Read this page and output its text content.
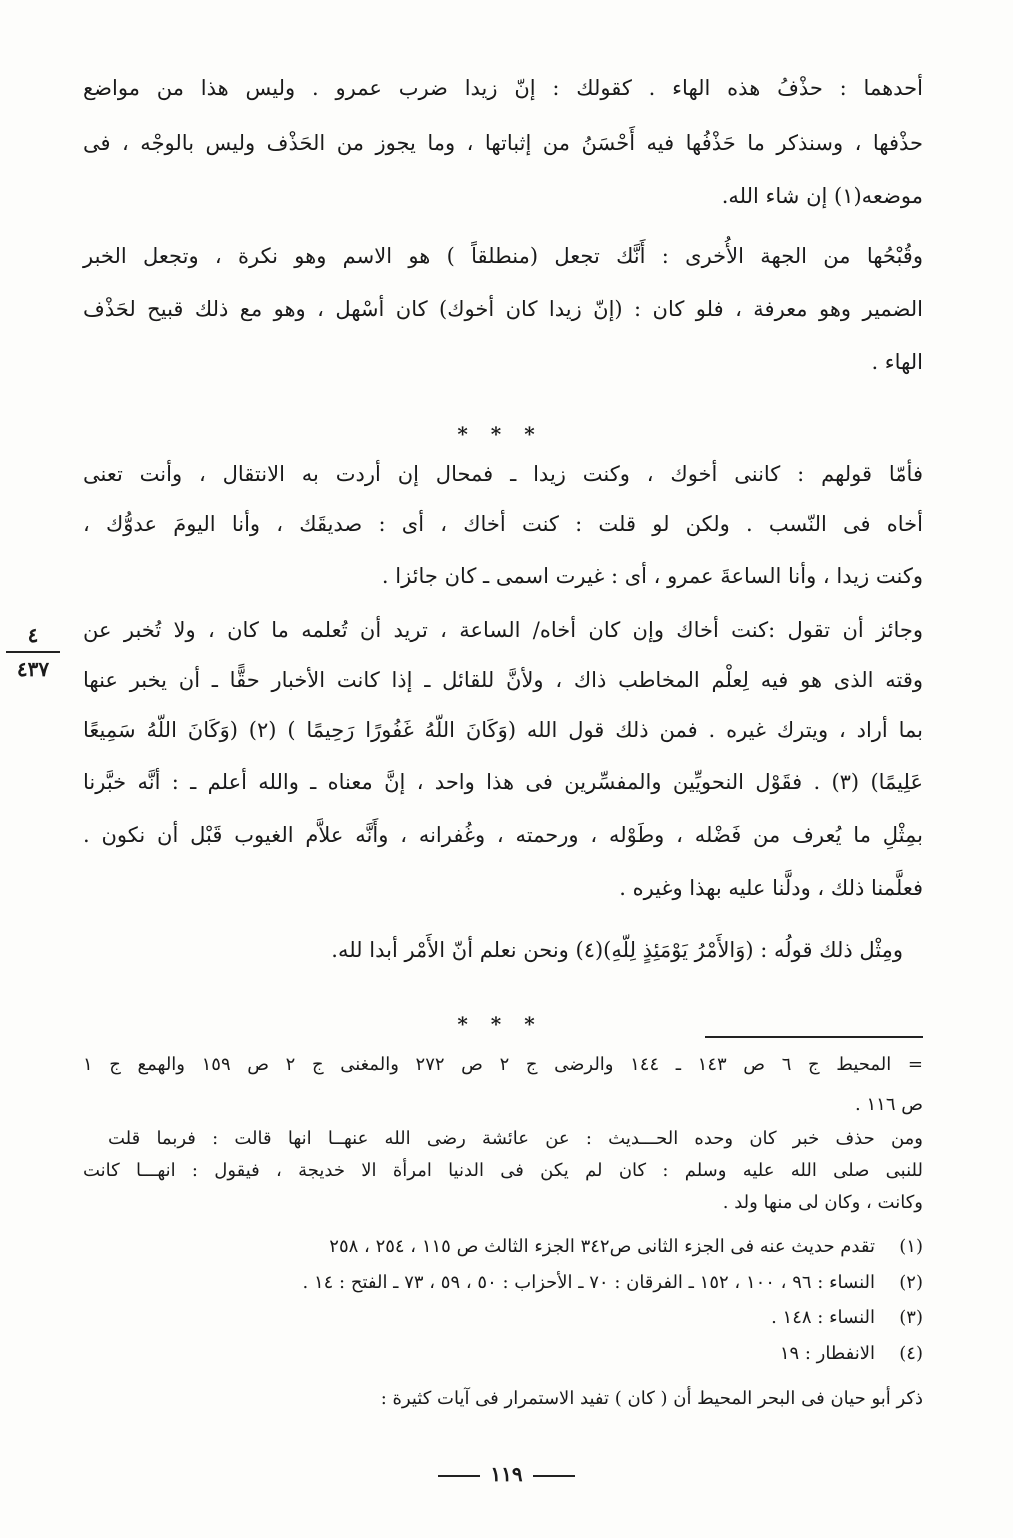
أحدهما : حذْفُ هذه الهاء . كقولك : إنّ زيدا ضرب عمرو . وليس هذا من مواضع
حذْفها ، وسنذكر ما حَذْفُها فيه أَحْسَنُ من إثباتها ، وما يجوز من الحَذْف وليس بالوجْه ، فى
موضعه(١) إن شاء الله.
وقُبْحُها من الجهة الأُخرى : أَنَّك تجعل (منطلقاً ) هو الاسم وهو نكرة ، وتجعل الخبر
الضمير وهو معرفة ، فلو كان : (إنّ زيدا كان أخوك) كان أسْهل ، وهو مع ذلك قبيح لحَذْف
الهاء .
* * *
فأمّا قولهم : كاننى أخوك ، وكنت زيدا ـ فمحال إن أردت به الانتقال ، وأنت تعنى
أخاه فى النّسب . ولكن لو قلت : كنت أخاك ، أى : صديقَك ، وأنا اليومَ عدوُّك ،
وكنت زيدا ، وأنا الساعةَ عمرو ، أى : غيرت اسمى ـ كان جائزا .
وجائز أن تقول :كنت أخاك وإن كان أخاه/ الساعة ، تريد أن تُعلمه ما كان ، ولا تُخبر عن
وقته الذى هو فيه لِعلْم المخاطب ذاك ، ولأنَّ للقائل ـ إذا كانت الأخبار حقًّا ـ أن يخبر عنها
بما أراد ، ويترك غيره . فمن ذلك قول الله (وَكَانَ اللّهُ غَفُورًا رَحِيمًا ) (٢) (وَكَانَ اللّهُ سَمِيعًا
عَلِيمًا) (٣) . فقَوْل النحويِّين والمفسِّرين فى هذا واحد ، إنَّ معناه ـ والله أعلم ـ : أنَّه خبَّرنا
بمِثْلِ ما يُعرف من فَضْله ، وطَوْله ، ورحمته ، وغُفرانه ، وأَنَّه علاَّم الغيوب قَبْل أن نكون .
فعلَّمنا ذلك ، ودلَّنا عليه بهذا وغيره .
ومِثْل ذلك قولُه : (وَالأَمْرُ يَوْمَئِذٍ لِلّهِ)(٤) ونحن نعلم أنّ الأَمْر أبدا لله.
* * *
٤
٤٣٧
= المحيط ج ٦ ص ١٤٣ ـ ١٤٤ والرضى ج ٢ ص ٢٧٢ والمغنى ج ٢ ص ١٥٩ والهمع ج ١
ص ١١٦ .
ومن حذف خبر كان وحده الحـــديث : عن عائشة رضى الله عنهــا انها قالت : فربما قلت
للنبى صلى الله عليه وسلم : كان لم يكن فى الدنيا امرأة الا خديجة ، فيقول : انهـــا كانت
وكانت ، وكان لى منها ولد .
(١)تقدم حديث عنه فى الجزء الثانى ص٣٤٢ الجزء الثالث ص ١١٥ ، ٢٥٤ ، ٢٥٨
(٢)النساء : ٩٦ ، ١٠٠ ، ١٥٢ ـ الفرقان : ٧٠ ـ الأحزاب : ٥٠ ، ٥٩ ، ٧٣ ـ الفتح : ١٤ .
(٣)النساء : ١٤٨ .
(٤)الانفطار : ١٩
ذكر أبو حيان فى البحر المحيط أن ( كان ) تفيد الاستمرار فى آيات كثيرة :
١١٩
